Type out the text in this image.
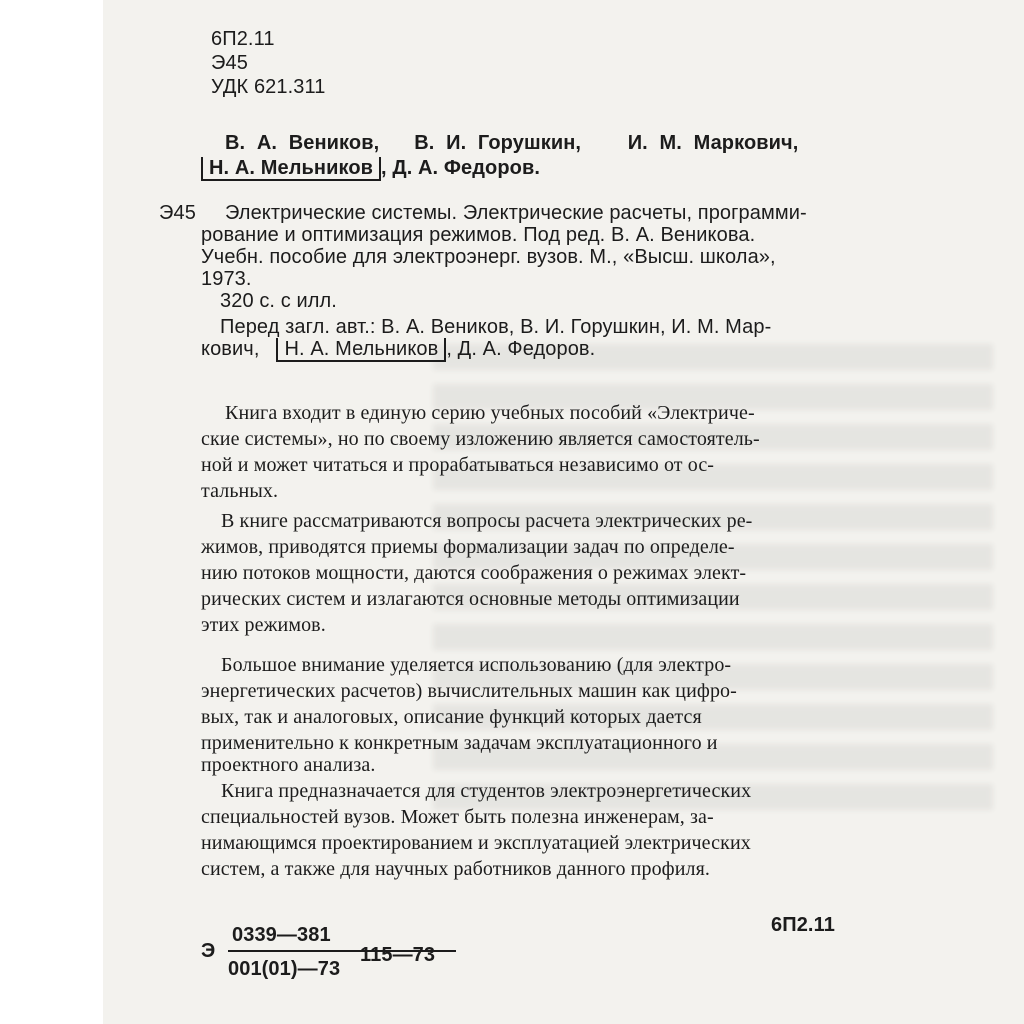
6П2.11
Э45
УДК 621.311
В. А. Веников, В. И. Горушкин, И. М. Маркович,
Н. А. Мельников , Д. А. Федоров.
Э45 Электрические системы. Электрические расчеты, программи-
рование и оптимизация режимов. Под ред. В. А. Веникова.
Учебн. пособие для электроэнерг. вузов. М., «Высш. школа»,
1973.
320 с. с илл.
Перед загл. авт.: В. А. Веников, В. И. Горушкин, И. М. Мар-
кович, Н. А. Мельников , Д. А. Федоров.
Книга входит в единую серию учебных пособий «Электриче-
ские системы», но по своему изложению является самостоятель-
ной и может читаться и прорабатываться независимо от ос-
тальных.
В книге рассматриваются вопросы расчета электрических ре-
жимов, приводятся приемы формализации задач по определе-
нию потоков мощности, даются соображения о режимах элект-
рических систем и излагаются основные методы оптимизации
этих режимов.
Большое внимание уделяется использованию (для электро-
энергетических расчетов) вычислительных машин как цифро-
вых, так и аналоговых, описание функций которых дается
применительно к конкретным задачам эксплуатационного и
проектного анализа.
Книга предназначается для студентов электроэнергетических
специальностей вузов. Может быть полезна инженерам, за-
нимающимся проектированием и эксплуатацией электрических
систем, а также для научных работников данного профиля.
6П2.11
Э
0339—381
001(01)—73
115—73
